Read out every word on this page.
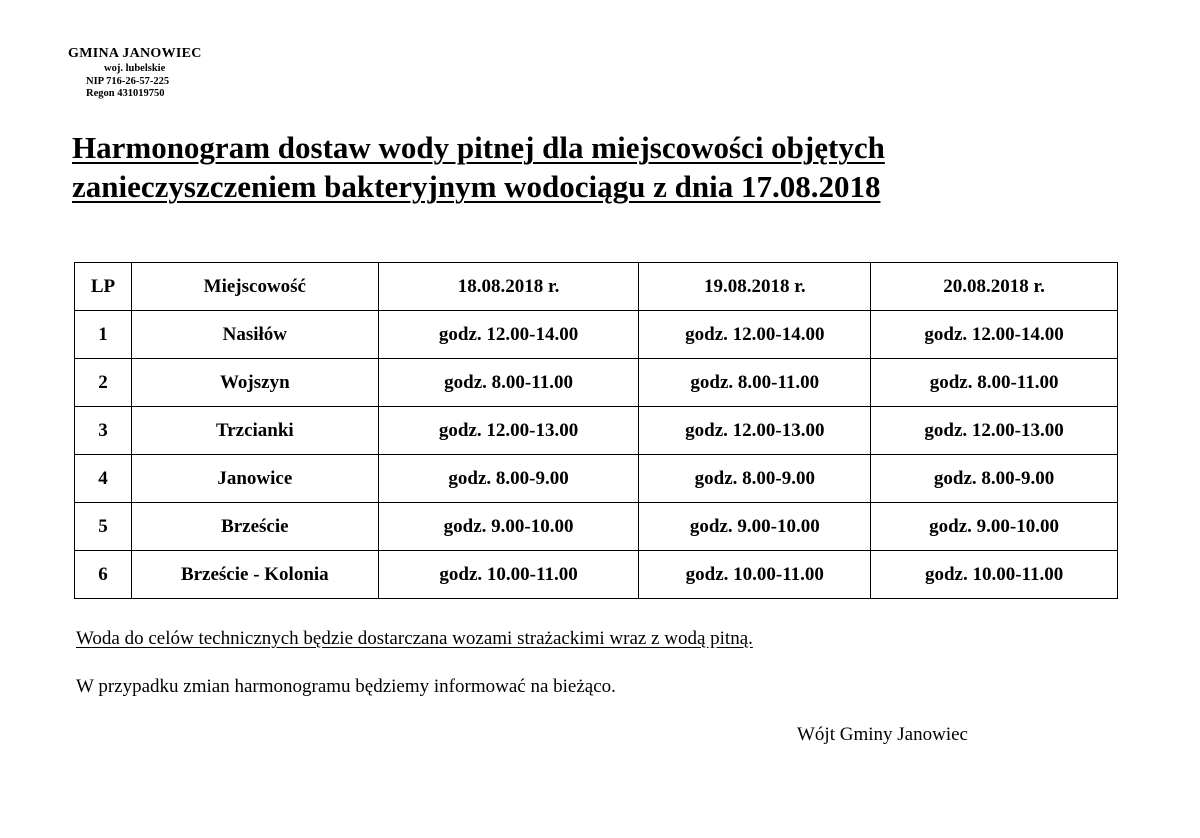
GMINA JANOWIEC
woj. lubelskie
NIP 716-26-57-225
Regon 431019750
Harmonogram dostaw wody pitnej dla miejscowości objętych
zanieczyszczeniem bakteryjnym wodociągu z dnia 17.08.2018
LP	Miejscowość	18.08.2018 r.	19.08.2018 r.	20.08.2018 r.
1	Nasiłów	godz. 12.00-14.00	godz. 12.00-14.00	godz. 12.00-14.00
2	Wojszyn	godz. 8.00-11.00	godz. 8.00-11.00	godz. 8.00-11.00
3	Trzcianki	godz. 12.00-13.00	godz. 12.00-13.00	godz. 12.00-13.00
4	Janowice	godz. 8.00-9.00	godz. 8.00-9.00	godz. 8.00-9.00
5	Brzeście	godz. 9.00-10.00	godz. 9.00-10.00	godz. 9.00-10.00
6	Brzeście - Kolonia	godz. 10.00-11.00	godz. 10.00-11.00	godz. 10.00-11.00
Woda do celów technicznych będzie dostarczana wozami strażackimi wraz z wodą pitną.
W przypadku zmian harmonogramu będziemy informować na bieżąco.
Wójt Gminy Janowiec
